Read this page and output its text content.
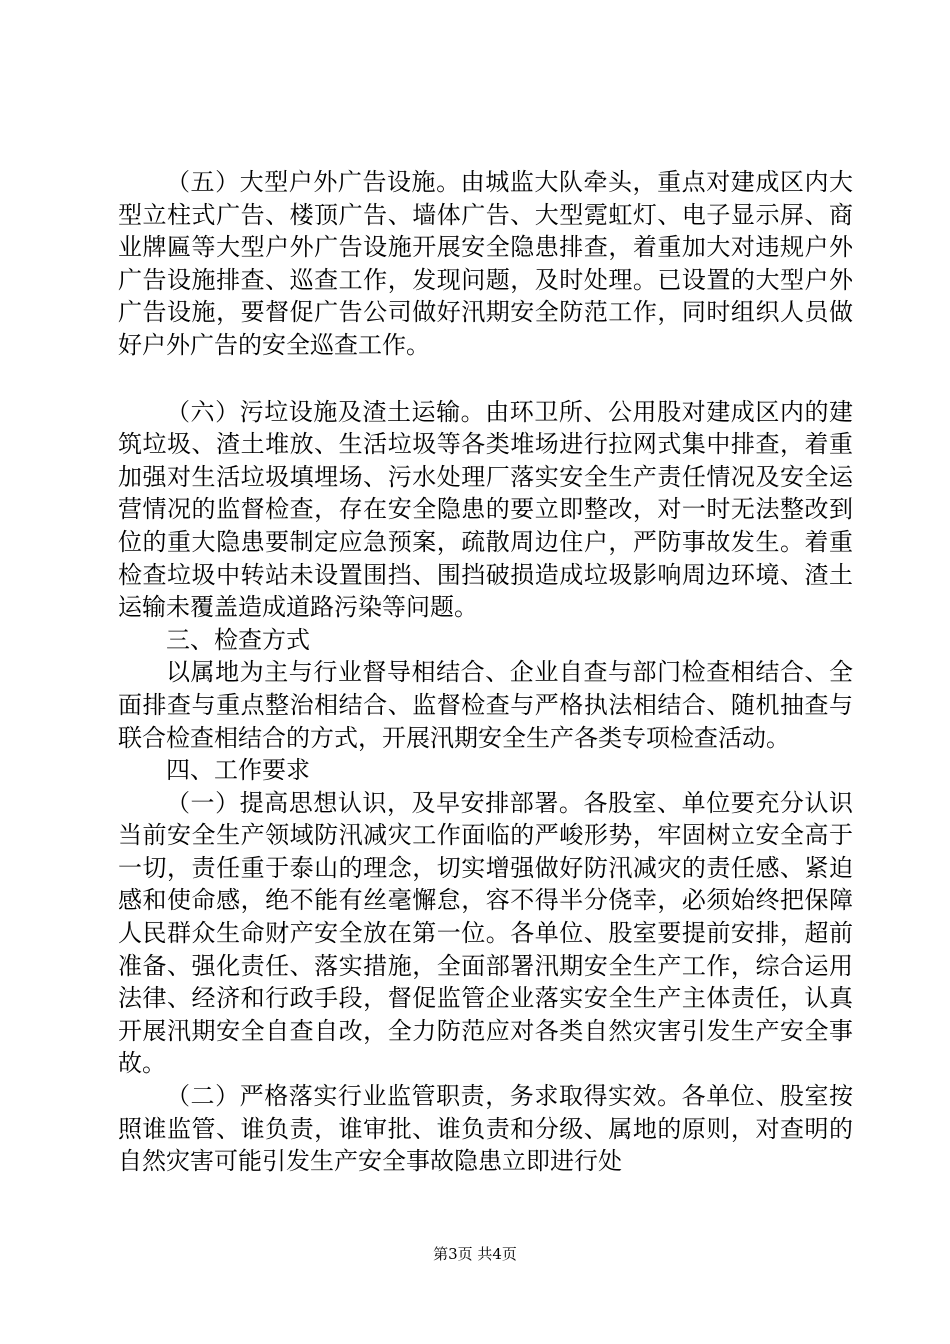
（五）大型户外广告设施。由城监大队牵头，重点对建成区内大型立柱式广告、楼顶广告、墙体广告、大型霓虹灯、电子显示屏、商业牌匾等大型户外广告设施开展安全隐患排查，着重加大对违规户外广告设施排查、巡查工作，发现问题，及时处理。已设置的大型户外广告设施，要督促广告公司做好汛期安全防范工作，同时组织人员做好户外广告的安全巡查工作。

（六）污垃设施及渣土运输。由环卫所、公用股对建成区内的建筑垃圾、渣土堆放、生活垃圾等各类堆场进行拉网式集中排查，着重加强对生活垃圾填埋场、污水处理厂落实安全生产责任情况及安全运营情况的监督检查，存在安全隐患的要立即整改，对一时无法整改到位的重大隐患要制定应急预案，疏散周边住户，严防事故发生。着重检查垃圾中转站未设置围挡、围挡破损造成垃圾影响周边环境、渣土运输未覆盖造成道路污染等问题。

三、检查方式

以属地为主与行业督导相结合、企业自查与部门检查相结合、全面排查与重点整治相结合、监督检查与严格执法相结合、随机抽查与联合检查相结合的方式，开展汛期安全生产各类专项检查活动。

四、工作要求

（一）提高思想认识，及早安排部署。各股室、单位要充分认识当前安全生产领域防汛减灾工作面临的严峻形势，牢固树立安全高于一切，责任重于泰山的理念，切实增强做好防汛减灾的责任感、紧迫感和使命感，绝不能有丝毫懈怠，容不得半分侥幸，必须始终把保障人民群众生命财产安全放在第一位。各单位、股室要提前安排，超前准备、强化责任、落实措施，全面部署汛期安全生产工作，综合运用法律、经济和行政手段，督促监管企业落实安全生产主体责任，认真开展汛期安全自查自改，全力防范应对各类自然灾害引发生产安全事故。

（二）严格落实行业监管职责，务求取得实效。各单位、股室按照谁监管、谁负责，谁审批、谁负责和分级、属地的原则，对查明的自然灾害可能引发生产安全事故隐患立即进行处

第3页 共4页
